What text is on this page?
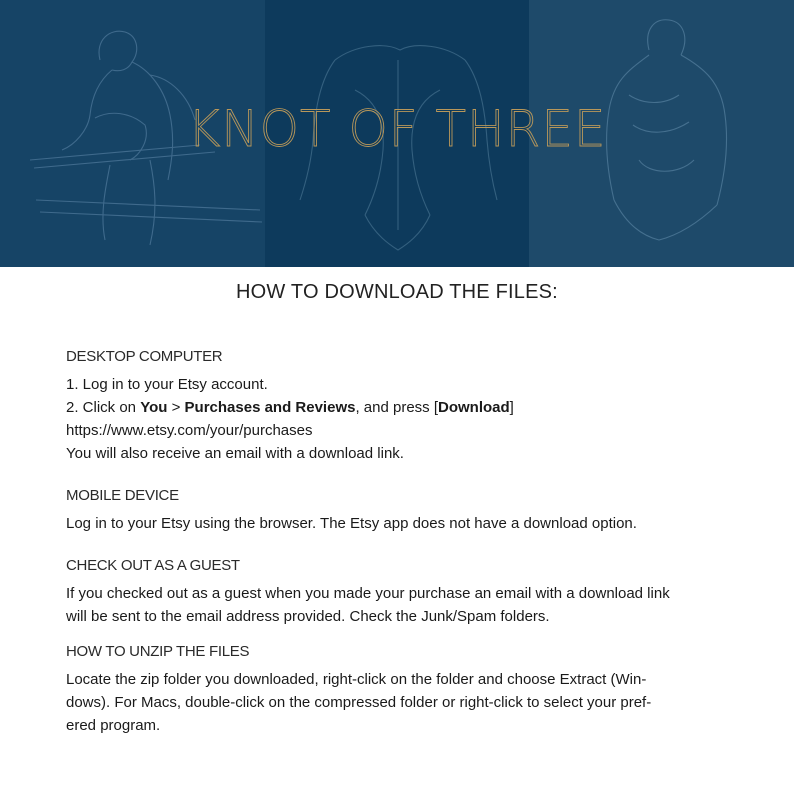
KNOT OF THREE
HOW TO DOWNLOAD THE FILES:
DESKTOP COMPUTER
1. Log in to your Etsy account.
2. Click on You > Purchases and Reviews, and press [Download]
https://www.etsy.com/your/purchases
You will also receive an email with a download link.
MOBILE DEVICE
Log in to your Etsy using the browser. The Etsy app does not have a download option.
CHECK OUT AS A GUEST
If you checked out as a guest when you made your purchase an email with a download link
will be sent to the email address provided. Check the Junk/Spam folders.
HOW TO UNZIP THE FILES
Locate the zip folder you downloaded, right-click on the folder and choose Extract (Win-
dows). For Macs, double-click on the compressed folder or right-click to select your pref-
ered program.
